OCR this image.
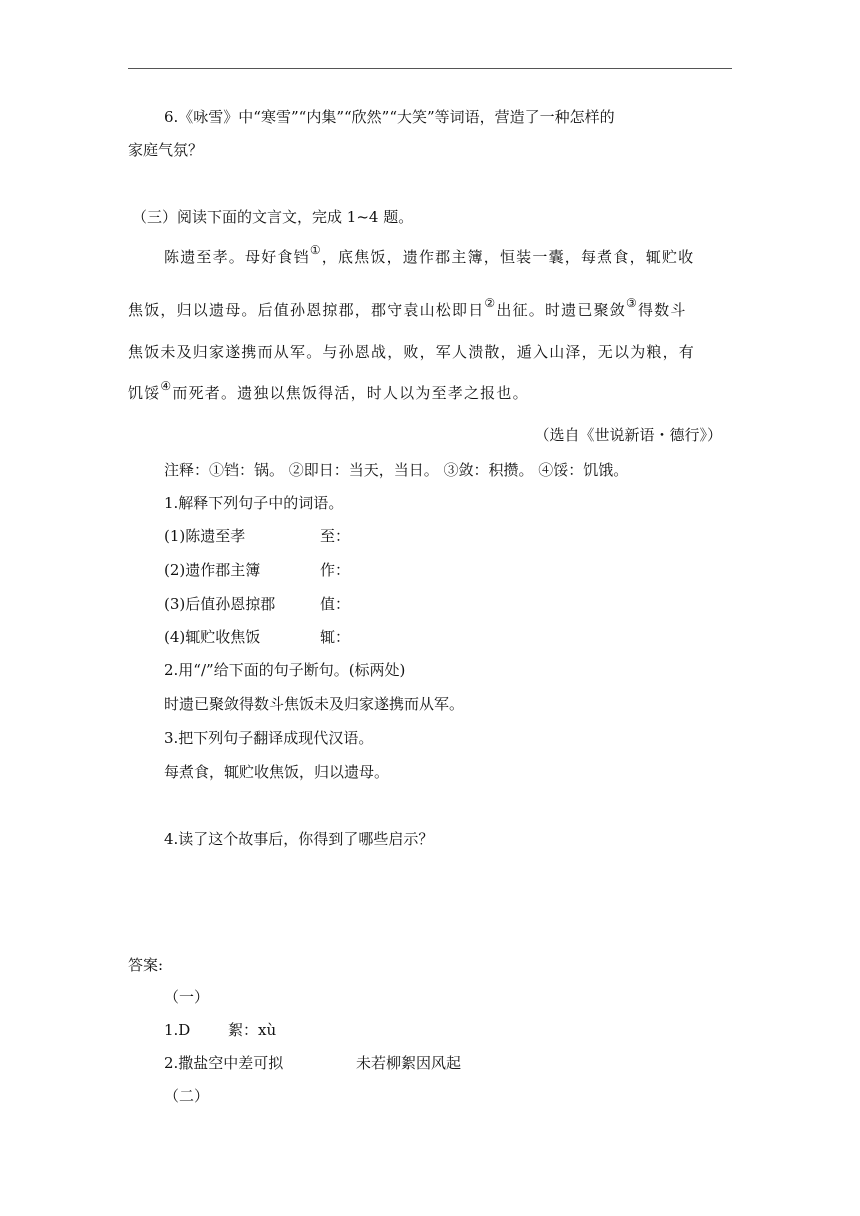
6.《咏雪》中“寒雪”“内集”“欣然”“大笑”等词语，营造了一种怎样的
家庭气氛？
（三）阅读下面的文言文，完成 1~4 题。
陈遗至孝。母好食铛①，底焦饭，遗作郡主簿，恒装一囊，每煮食，辄贮收
焦饭，归以遗母。后值孙恩掠郡，郡守袁山松即日②出征。时遗已聚敛③得数斗
焦饭未及归家遂携而从军。与孙恩战，败，军人溃散，遁入山泽，无以为粮，有
饥馁④而死者。遗独以焦饭得活，时人以为至孝之报也。
（选自《世说新语・德行》）
注释：①铛：锅。 ②即日：当天，当日。 ③敛：积攒。 ④馁：饥饿。
1.解释下列句子中的词语。
(1)陈遗至孝	至：
(2)遗作郡主簿	作：
(3)后值孙恩掠郡	值：
(4)辄贮收焦饭	辄：
2.用“/”给下面的句子断句。(标两处)
时遗已聚敛得数斗焦饭未及归家遂携而从军。
3.把下列句子翻译成现代汉语。
每煮食，辄贮收焦饭，归以遗母。
4.读了这个故事后，你得到了哪些启示？
答案:
（一）
1.D	絮：xù
2.撒盐空中差可拟	未若柳絮因风起
（二）
